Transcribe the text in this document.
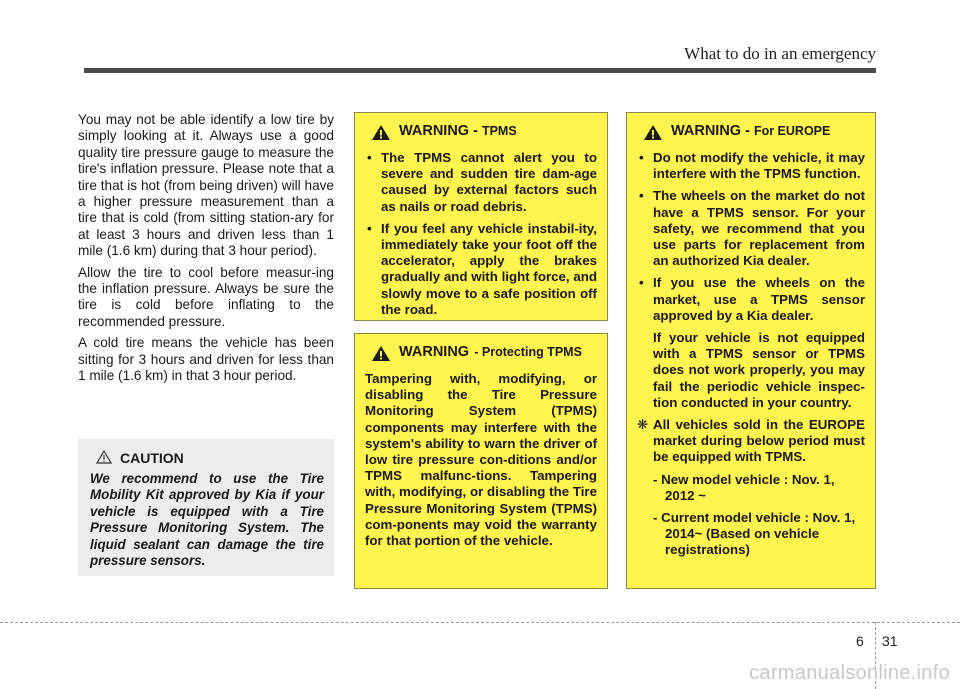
What to do in an emergency

You may not be able identify a low tire by simply looking at it. Always use a good quality tire pressure gauge to measure the tire's inflation pressure. Please note that a tire that is hot (from being driven) will have a higher pressure measurement than a tire that is cold (from sitting station-ary for at least 3 hours and driven less than 1 mile (1.6 km) during that 3 hour period).

Allow the tire to cool before measur-ing the inflation pressure. Always be sure the tire is cold before inflating to the recommended pressure.

A cold tire means the vehicle has been sitting for 3 hours and driven for less than 1 mile (1.6 km) in that 3 hour period.

CAUTION
We recommend to use the Tire Mobility Kit approved by Kia if your vehicle is equipped with a Tire Pressure Monitoring System. The liquid sealant can damage the tire pressure sensors.
WARNING - TPMS
• The TPMS cannot alert you to severe and sudden tire dam-age caused by external factors such as nails or road debris.
• If you feel any vehicle instabil-ity, immediately take your foot off the accelerator, apply the brakes gradually and with light force, and slowly move to a safe position off the road.
WARNING - Protecting TPMS
Tampering with, modifying, or disabling the Tire Pressure Monitoring System (TPMS) components may interfere with the system's ability to warn the driver of low tire pressure con-ditions and/or TPMS malfunc-tions. Tampering with, modifying, or disabling the Tire Pressure Monitoring System (TPMS) com-ponents may void the warranty for that portion of the vehicle.
WARNING - For EUROPE
• Do not modify the vehicle, it may interfere with the TPMS function.
• The wheels on the market do not have a TPMS sensor. For your safety, we recommend that you use parts for replacement from an authorized Kia dealer.
• If you use the wheels on the market, use a TPMS sensor approved by a Kia dealer.
If your vehicle is not equipped with a TPMS sensor or TPMS does not work properly, you may fail the periodic vehicle inspec-tion conducted in your country.
❋ All vehicles sold in the EUROPE market during below period must be equipped with TPMS.
- New model vehicle : Nov. 1, 2012 ~
- Current model vehicle : Nov. 1, 2014~ (Based on vehicle registrations)
6 31
carmanualsonline.info
